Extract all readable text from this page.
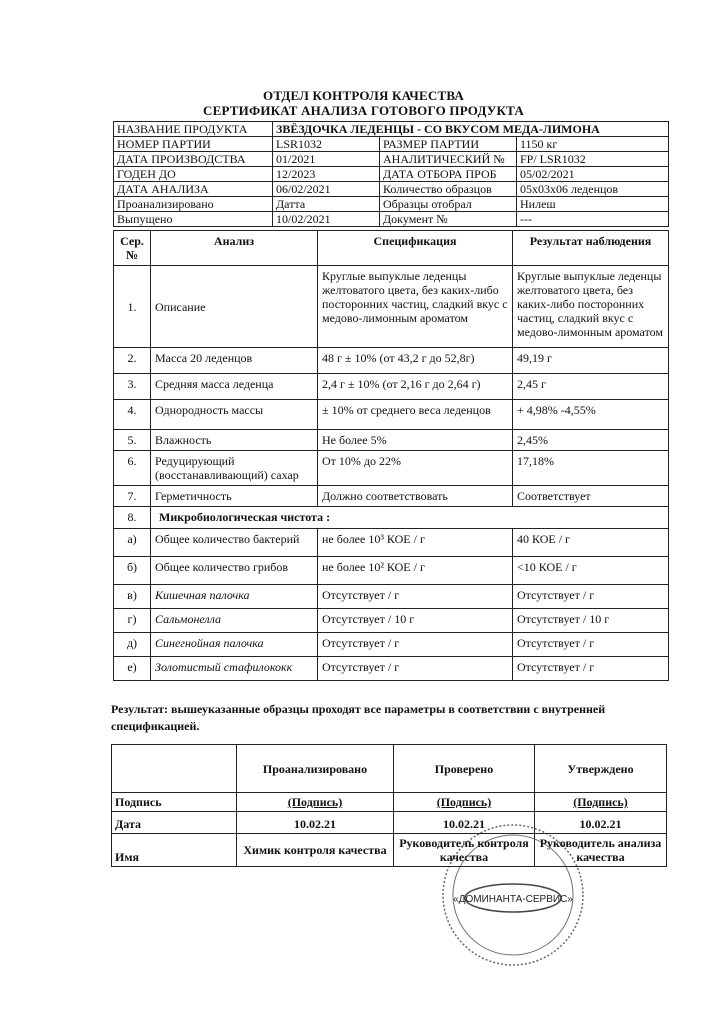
ОТДЕЛ КОНТРОЛЯ КАЧЕСТВА
СЕРТИФИКАТ АНАЛИЗА ГОТОВОГО ПРОДУКТА
НАЗВАНИЕ ПРОДУКТА	ЗВЁЗДОЧКА ЛЕДЕНЦЫ - СО ВКУСОМ МЕДА-ЛИМОНА		
НОМЕР ПАРТИИ	LSR1032	РАЗМЕР ПАРТИИ	1150 кг
ДАТА ПРОИЗВОДСТВА	01/2021	АНАЛИТИЧЕСКИЙ №	FP/ LSR1032
ГОДЕН ДО	12/2023	ДАТА ОТБОРА ПРОБ	05/02/2021
ДАТА АНАЛИЗА	06/02/2021	Количество образцов	05x03x06 леденцов
Проанализировано	Датта	Образцы отобрал	Нилеш
Выпущено	10/02/2021	Документ №	---
Сер. №	Анализ	Спецификация	Результат наблюдения
1.	Описание	Круглые выпуклые леденцы желтоватого цвета, без каких-либо посторонних частиц, сладкий вкус с медово-лимонным ароматом	Круглые выпуклые леденцы желтоватого цвета, без каких-либо посторонних частиц, сладкий вкус с медово-лимонным ароматом
2.	Масса 20 леденцов	48 г ± 10% (от 43,2 г до 52,8г)	49,19 г
3.	Средняя масса леденца	2,4 г ± 10% (от 2,16 г до 2,64 г)	2,45 г
4.	Однородность массы	± 10% от среднего веса леденцов	+ 4,98% -4,55%
5.	Влажность	Не более 5%	2,45%
6.	Редуцирующий (восстанавливающий) сахар	От 10% до 22%	17,18%
7.	Герметичность	Должно соответствовать	Соответствует
8.	Микробиологическая чистота :		
а)	Общее количество бактерий	не более 10³ КОЕ / г	40 КОЕ / г
б)	Общее количество грибов	не более 10² КОЕ / г	<10 КОЕ / г
в)	Кишечная палочка	Отсутствует / г	Отсутствует / г
г)	Сальмонелла	Отсутствует / 10 г	Отсутствует / 10 г
д)	Синегнойная палочка	Отсутствует / г	Отсутствует / г
е)	Золотистый стафилококк	Отсутствует / г	Отсутствует / г
Результат: вышеуказанные образцы проходят все параметры в соответствии с внутренней спецификацией.
	Проанализировано	Проверено	Утверждено
Подпись	(Подпись)	(Подпись)	(Подпись)
Дата	10.02.21	10.02.21	10.02.21
Имя	Химик контроля качества	Руководитель контроля качества	Руководитель анализа качества
«ДОМИНАНТА-СЕРВИС»
